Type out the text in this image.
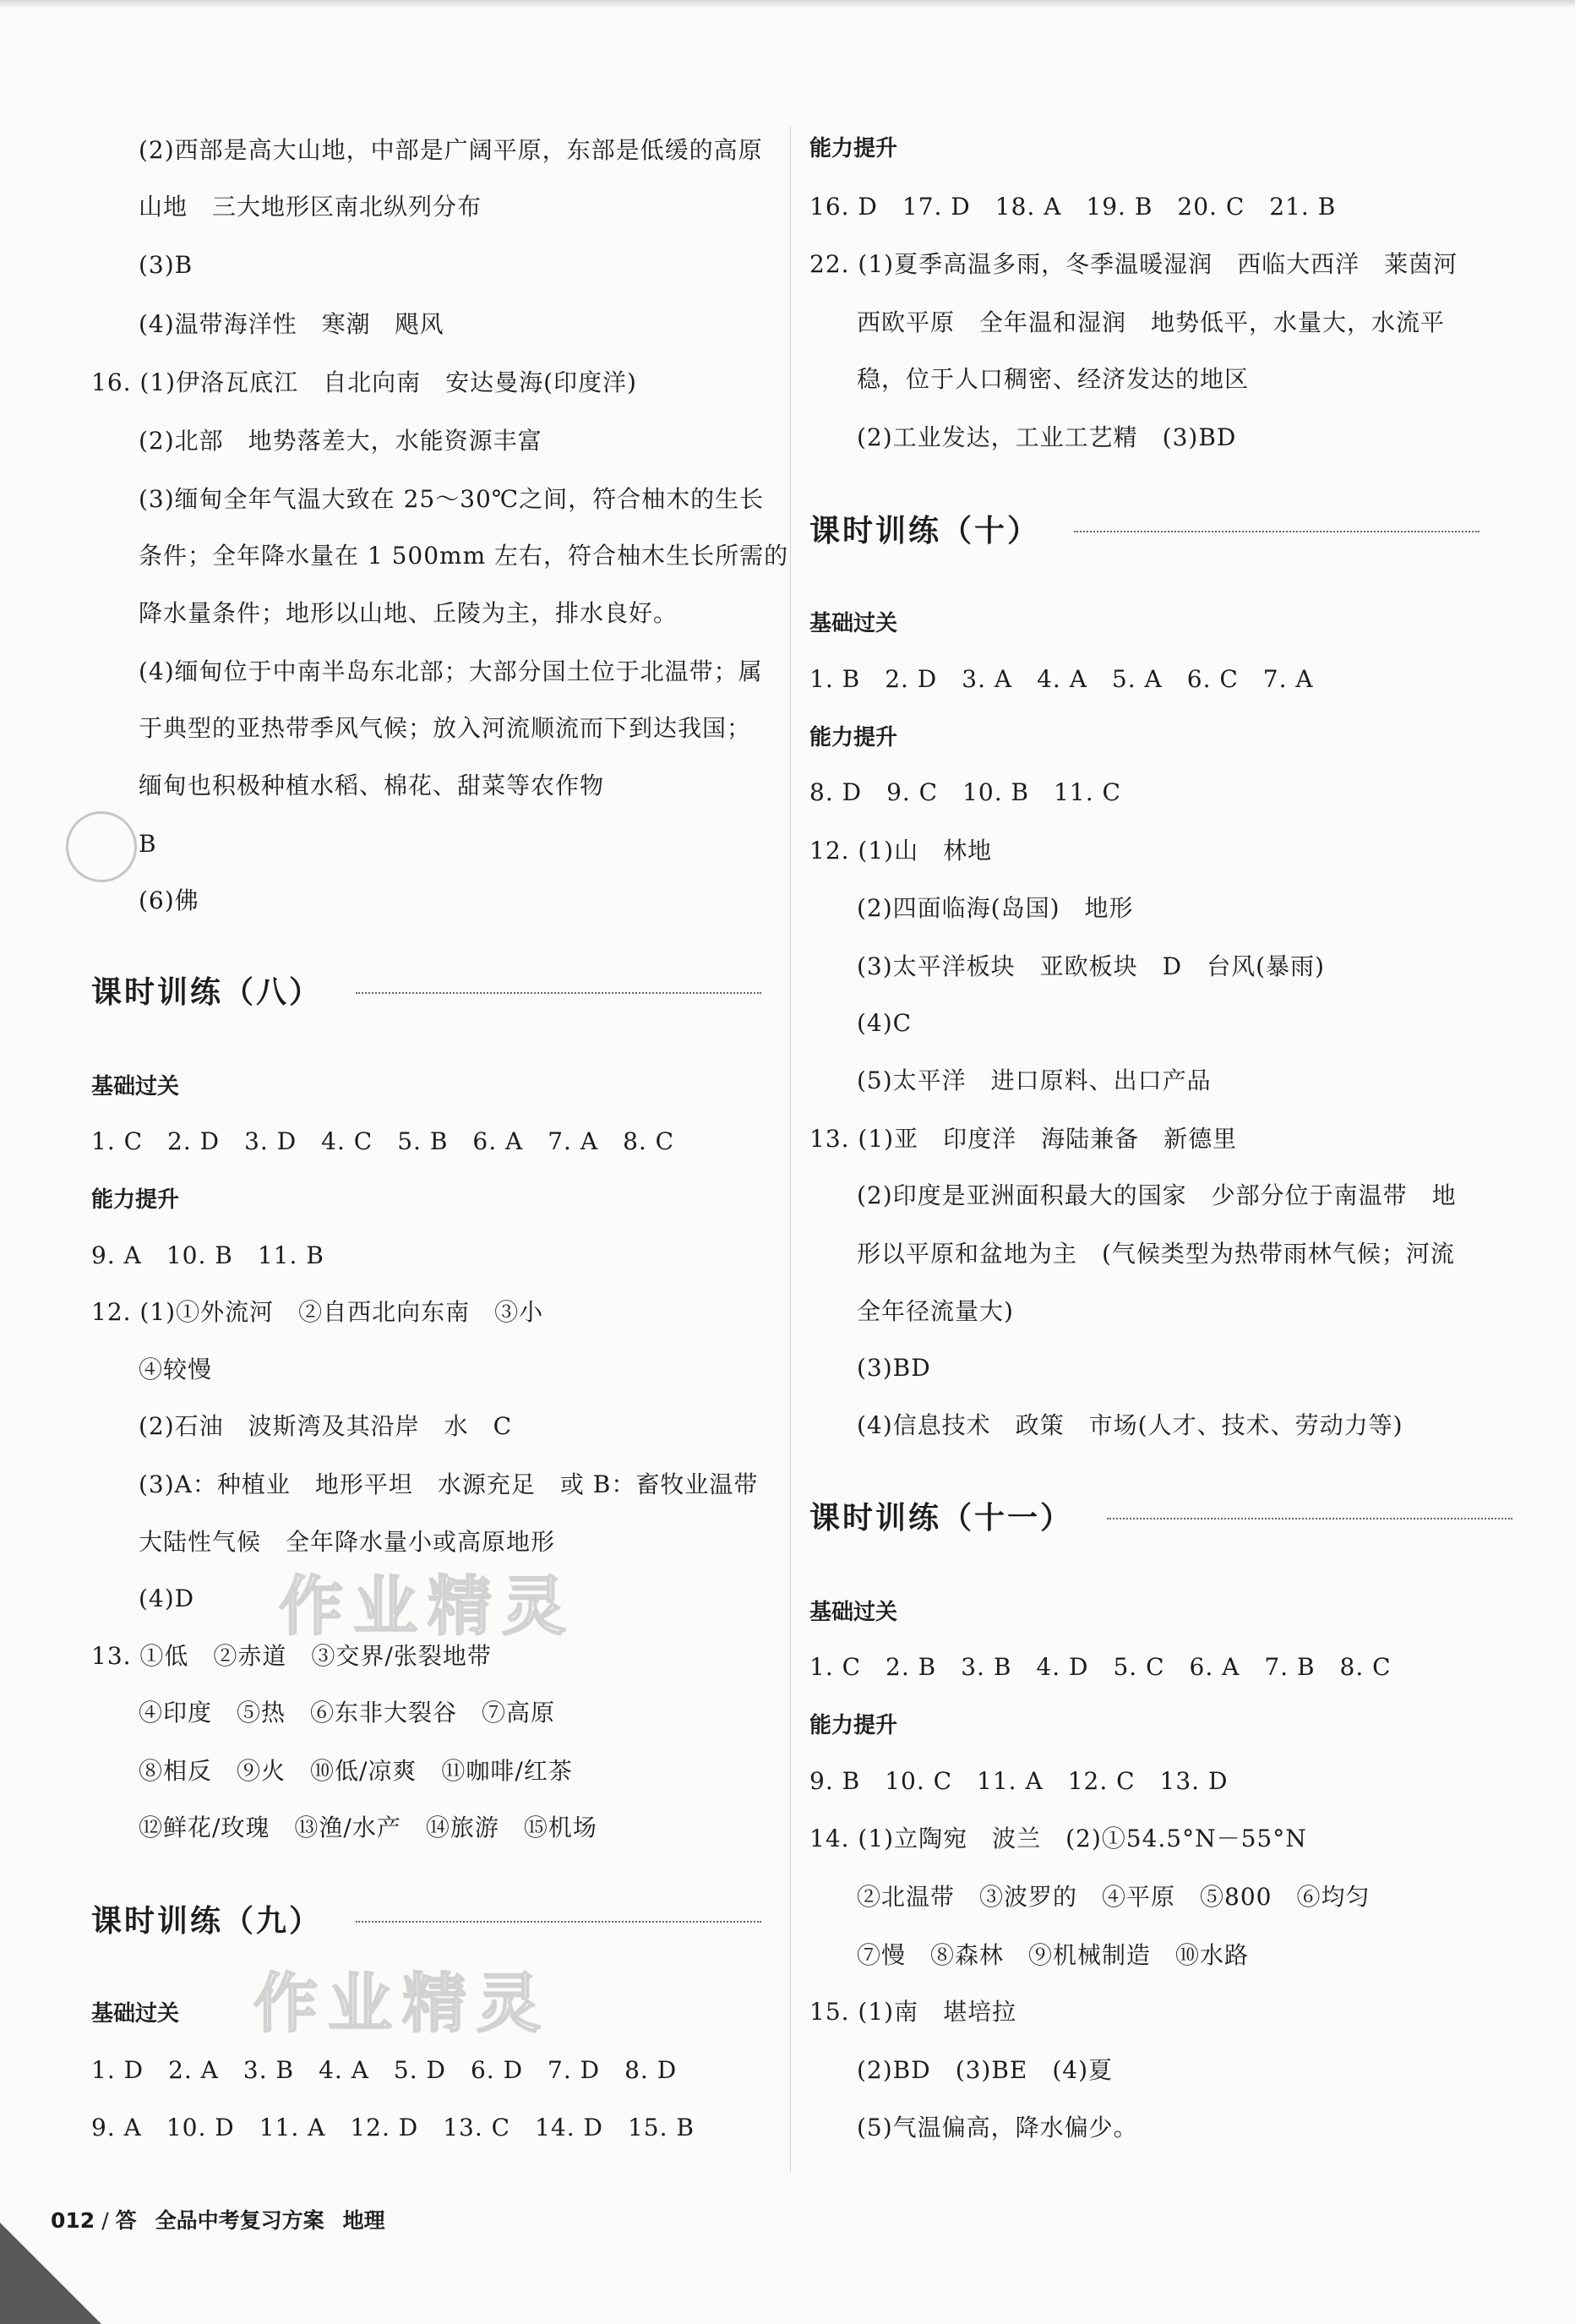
(2)西部是高大山地，中部是广阔平原，东部是低缓的高原
山地　三大地形区南北纵列分布
(3)B
(4)温带海洋性　寒潮　飓风
16. (1)伊洛瓦底江　自北向南　安达曼海(印度洋)
(2)北部　地势落差大，水能资源丰富
(3)缅甸全年气温大致在 25～30℃之间，符合柚木的生长
条件；全年降水量在 1 500mm 左右，符合柚木生长所需的
降水量条件；地形以山地、丘陵为主，排水良好。
(4)缅甸位于中南半岛东北部；大部分国土位于北温带；属
于典型的亚热带季风气候；放入河流顺流而下到达我国；
缅甸也积极种植水稻、棉花、甜菜等农作物
B
(6)佛
课时训练（八）
基础过关
1. C　2. D　3. D　4. C　5. B　6. A　7. A　8. C
能力提升
9. A　10. B　11. B
12. (1)①外流河　②自西北向东南　③小
④较慢
(2)石油　波斯湾及其沿岸　水　C
(3)A：种植业　地形平坦　水源充足　或 B：畜牧业温带
大陆性气候　全年降水量小或高原地形
(4)D
13. ①低　②赤道　③交界/张裂地带
④印度　⑤热　⑥东非大裂谷　⑦高原
⑧相反　⑨火　⑩低/凉爽　⑪咖啡/红茶
⑫鲜花/玫瑰　⑬渔/水产　⑭旅游　⑮机场
课时训练（九）
基础过关
1. D　2. A　3. B　4. A　5. D　6. D　7. D　8. D
9. A　10. D　11. A　12. D　13. C　14. D　15. B
能力提升
16. D　17. D　18. A　19. B　20. C　21. B
22. (1)夏季高温多雨，冬季温暖湿润　西临大西洋　莱茵河
西欧平原　全年温和湿润　地势低平，水量大，水流平
稳，位于人口稠密、经济发达的地区
(2)工业发达，工业工艺精　(3)BD
课时训练（十）
基础过关
1. B　2. D　3. A　4. A　5. A　6. C　7. A
能力提升
8. D　9. C　10. B　11. C
12. (1)山　林地
(2)四面临海(岛国)　地形
(3)太平洋板块　亚欧板块　D　台风(暴雨)
(4)C
(5)太平洋　进口原料、出口产品
13. (1)亚　印度洋　海陆兼备　新德里
(2)印度是亚洲面积最大的国家　少部分位于南温带　地
形以平原和盆地为主　(气候类型为热带雨林气候；河流
全年径流量大)
(3)BD
(4)信息技术　政策　市场(人才、技术、劳动力等)
课时训练（十一）
基础过关
1. C　2. B　3. B　4. D　5. C　6. A　7. B　8. C
能力提升
9. B　10. C　11. A　12. C　13. D
14. (1)立陶宛　波兰　(2)①54.5°N－55°N
②北温带　③波罗的　④平原　⑤800　⑥均匀
⑦慢　⑧森林　⑨机械制造　⑩水路
15. (1)南　堪培拉
(2)BD　(3)BE　(4)夏
(5)气温偏高，降水偏少。
作业精灵
作业精灵
012 / 答 全品中考复习方案 地理
